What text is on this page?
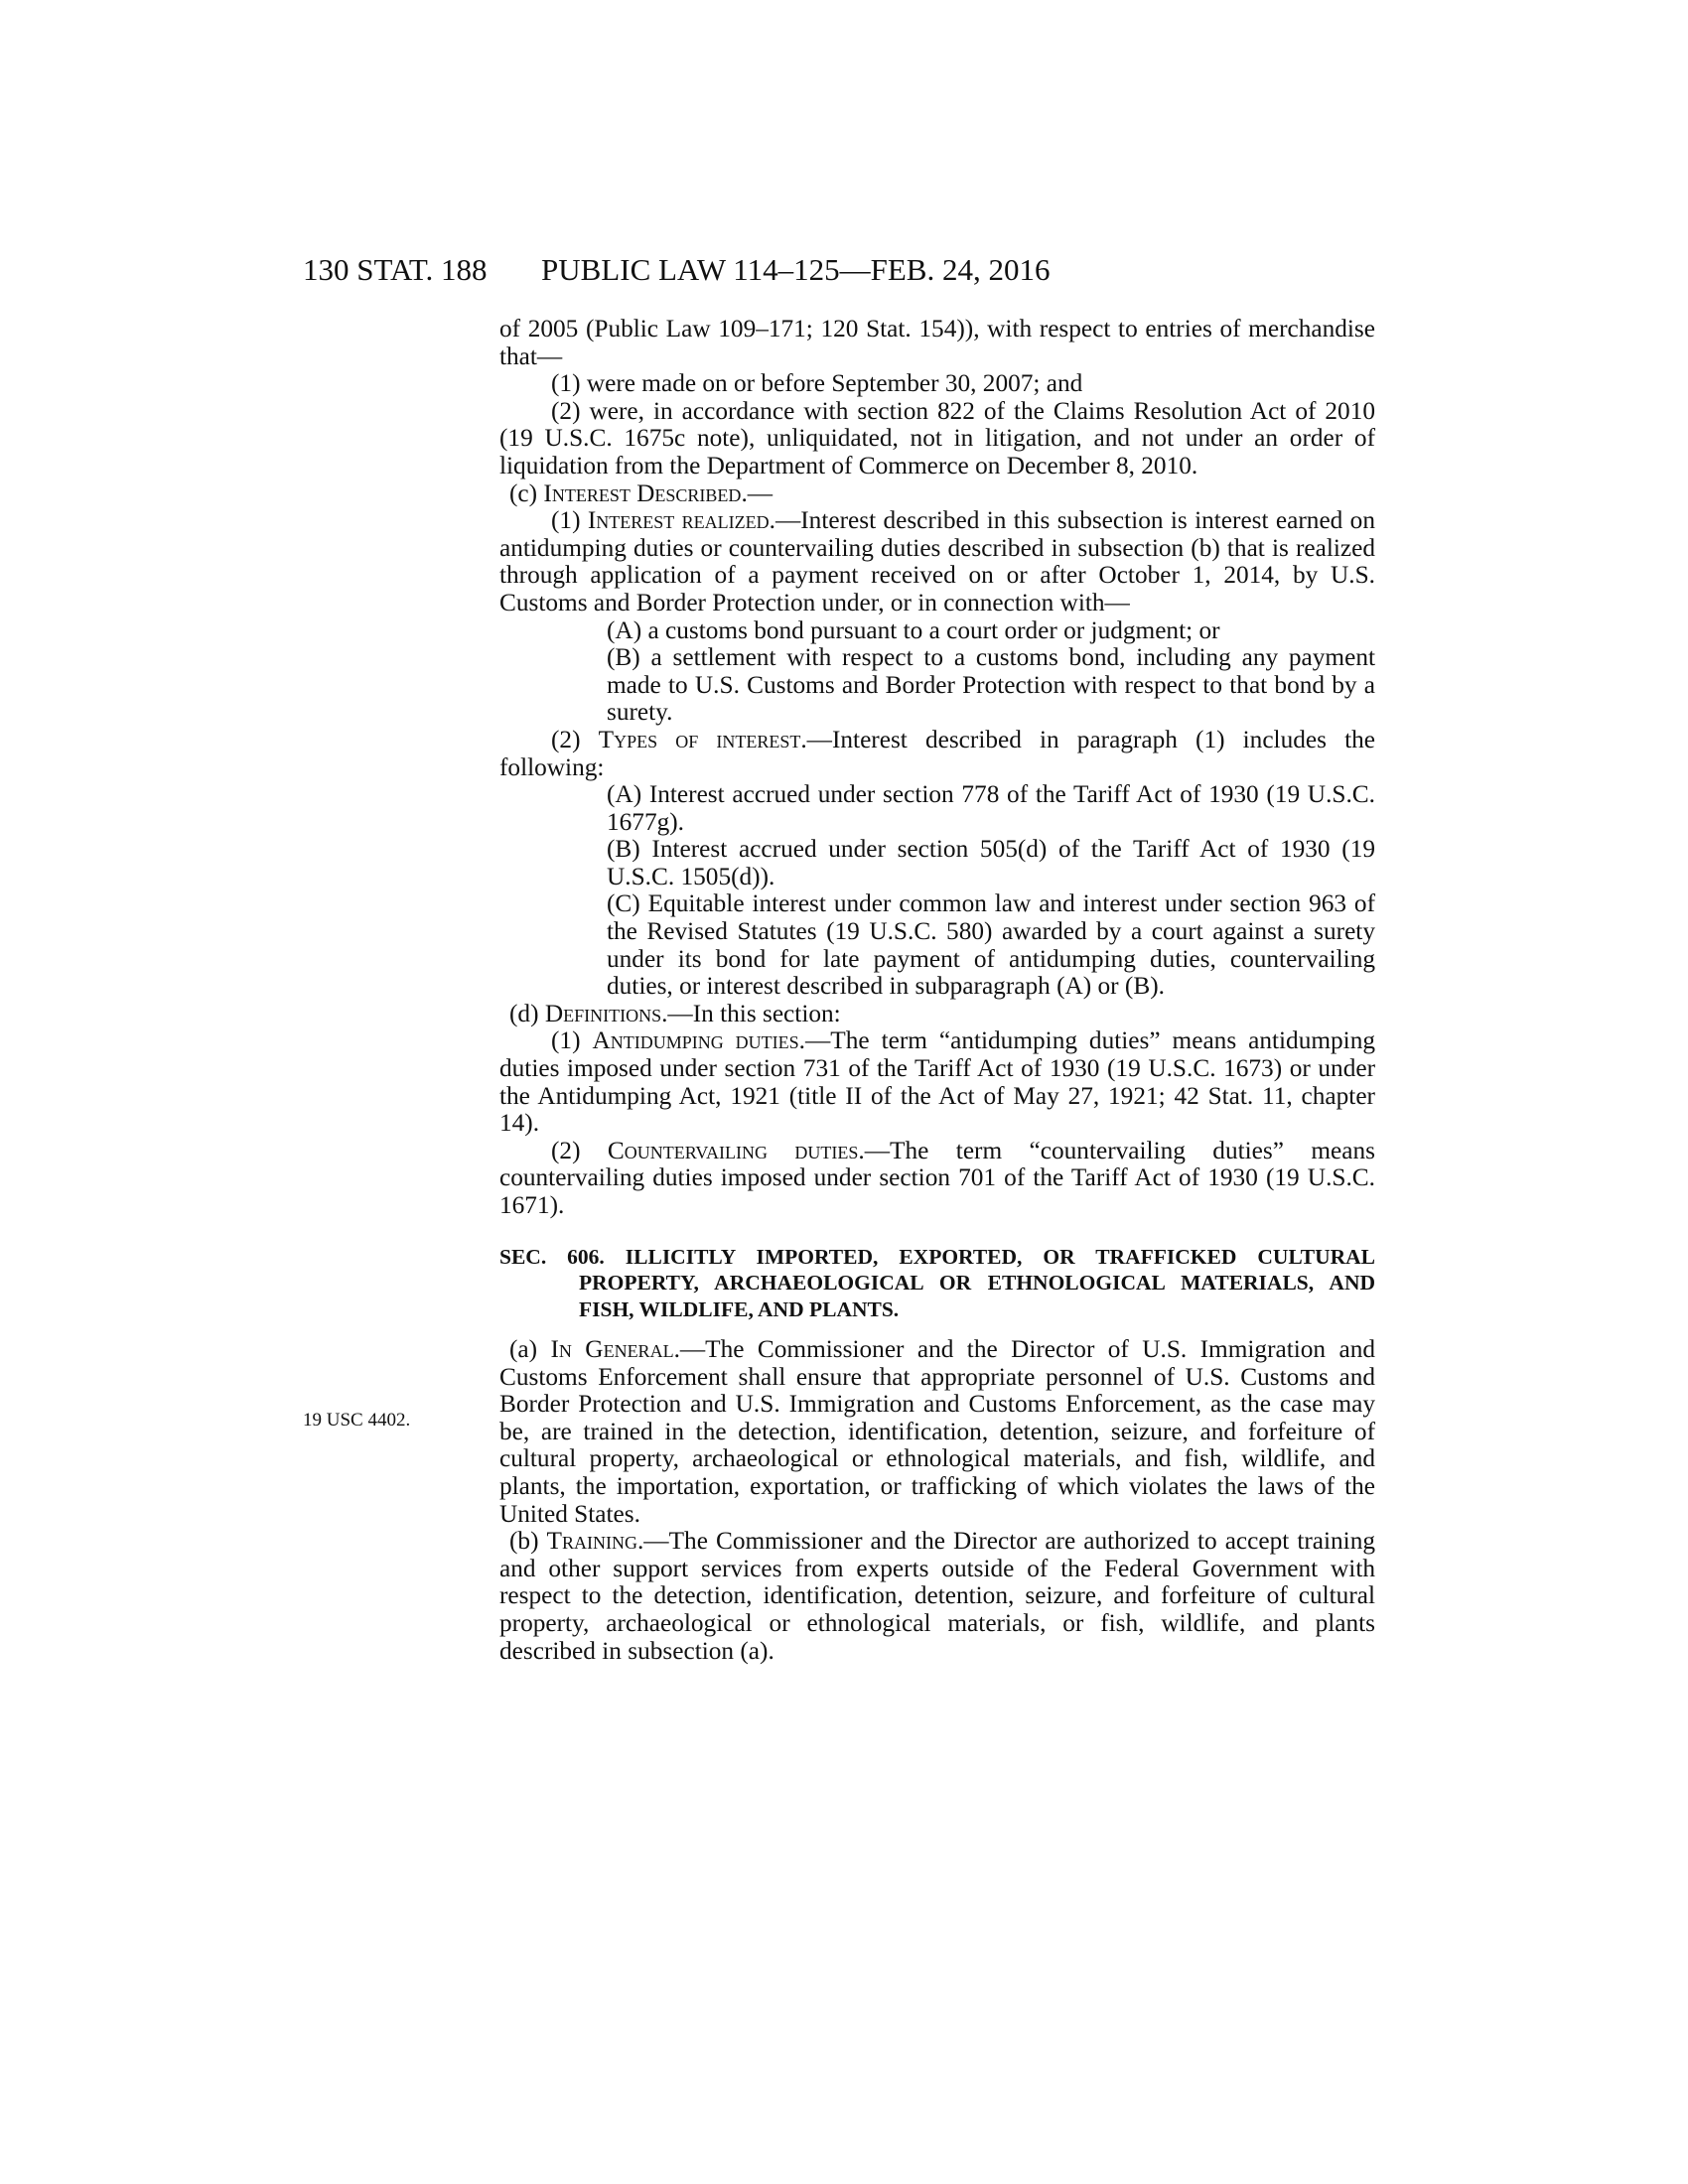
130 STAT. 188 PUBLIC LAW 114–125—FEB. 24, 2016
19 USC 4402.

of 2005 (Public Law 109–171; 120 Stat. 154)), with respect to entries of merchandise that—

(1) were made on or before September 30, 2007; and

(2) were, in accordance with section 822 of the Claims Resolution Act of 2010 (19 U.S.C. 1675c note), unliquidated, not in litigation, and not under an order of liquidation from the Department of Commerce on December 8, 2010.

(c) Interest Described.—

(1) Interest realized.—Interest described in this subsection is interest earned on antidumping duties or countervailing duties described in subsection (b) that is realized through application of a payment received on or after October 1, 2014, by U.S. Customs and Border Protection under, or in connection with—

(A) a customs bond pursuant to a court order or judgment; or

(B) a settlement with respect to a customs bond, including any payment made to U.S. Customs and Border Protection with respect to that bond by a surety.

(2) Types of interest.—Interest described in paragraph (1) includes the following:

(A) Interest accrued under section 778 of the Tariff Act of 1930 (19 U.S.C. 1677g).

(B) Interest accrued under section 505(d) of the Tariff Act of 1930 (19 U.S.C. 1505(d)).

(C) Equitable interest under common law and interest under section 963 of the Revised Statutes (19 U.S.C. 580) awarded by a court against a surety under its bond for late payment of antidumping duties, countervailing duties, or interest described in subparagraph (A) or (B).

(d) Definitions.—In this section:

(1) Antidumping duties.—The term “antidumping duties” means antidumping duties imposed under section 731 of the Tariff Act of 1930 (19 U.S.C. 1673) or under the Antidumping Act, 1921 (title II of the Act of May 27, 1921; 42 Stat. 11, chapter 14).

(2) Countervailing duties.—The term “countervailing duties” means countervailing duties imposed under section 701 of the Tariff Act of 1930 (19 U.S.C. 1671).

SEC. 606. ILLICITLY IMPORTED, EXPORTED, OR TRAFFICKED CULTURAL PROPERTY, ARCHAEOLOGICAL OR ETHNOLOGICAL MATERIALS, AND FISH, WILDLIFE, AND PLANTS.

(a) In General.—The Commissioner and the Director of U.S. Immigration and Customs Enforcement shall ensure that appropriate personnel of U.S. Customs and Border Protection and U.S. Immigration and Customs Enforcement, as the case may be, are trained in the detection, identification, detention, seizure, and forfeiture of cultural property, archaeological or ethnological materials, and fish, wildlife, and plants, the importation, exportation, or trafficking of which violates the laws of the United States.

(b) Training.—The Commissioner and the Director are authorized to accept training and other support services from experts outside of the Federal Government with respect to the detection, identification, detention, seizure, and forfeiture of cultural property, archaeological or ethnological materials, or fish, wildlife, and plants described in subsection (a).
